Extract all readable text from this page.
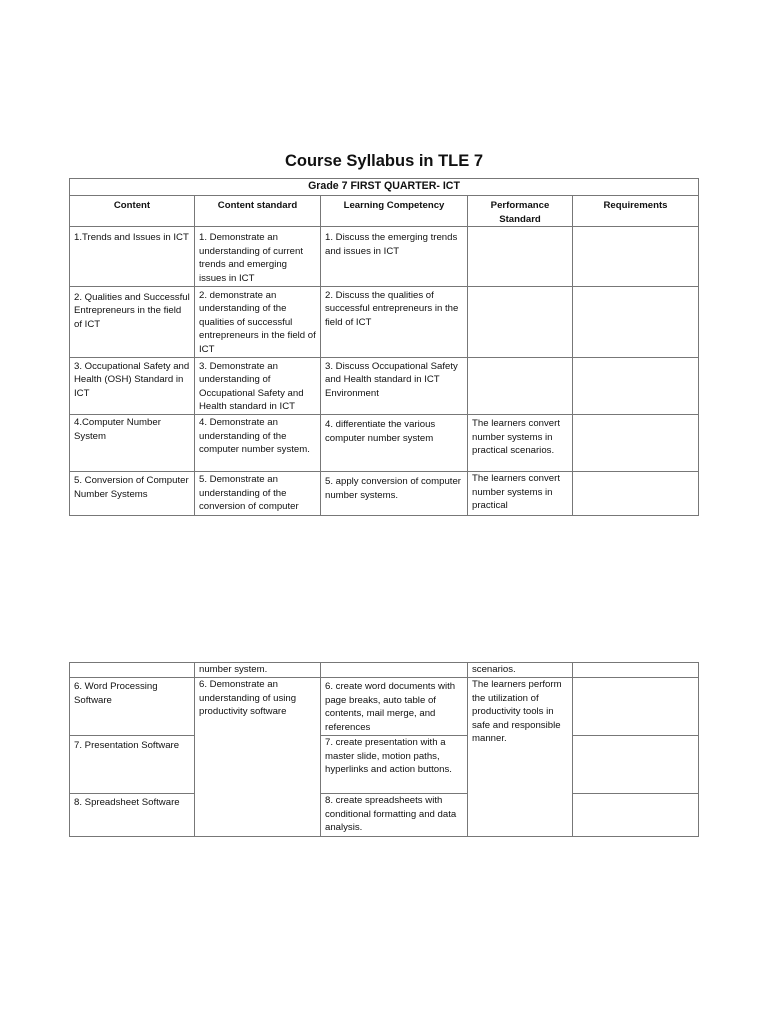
Course Syllabus in TLE 7
Grade 7 FIRST QUARTER- ICT				
Content	Content standard	Learning Competency	Performance Standard	Requirements
1.Trends and Issues in ICT	1. Demonstrate an understanding of current trends and emerging issues in ICT	1. Discuss the emerging trends and issues in ICT		
2. Qualities and Successful Entrepreneurs in the field of ICT	2. demonstrate an understanding of the qualities of successful entrepreneurs in the field of ICT	2. Discuss the qualities of successful entrepreneurs in the field of ICT		
3. Occupational Safety and Health (OSH) Standard in ICT	3. Demonstrate an understanding of Occupational Safety and Health standard in ICT	3. Discuss Occupational Safety and Health standard in ICT Environment		
4.Computer Number System	4. Demonstrate an understanding of the computer number system.	4. differentiate the various computer number system	The learners convert number systems in practical scenarios.	
5. Conversion of Computer Number Systems	5. Demonstrate an understanding of the conversion of computer	5. apply conversion of computer number systems.	The learners convert number systems in practical	
	number system.		scenarios.	
6. Word Processing Software	6. Demonstrate an understanding of using productivity software	6. create word documents with page breaks, auto table of contents, mail merge, and references	The learners perform the utilization of productivity tools in safe and responsible manner.	
7. Presentation Software		7. create presentation with a master slide, motion paths, hyperlinks and action buttons.		
8. Spreadsheet Software		8. create spreadsheets with conditional formatting and data analysis.		
